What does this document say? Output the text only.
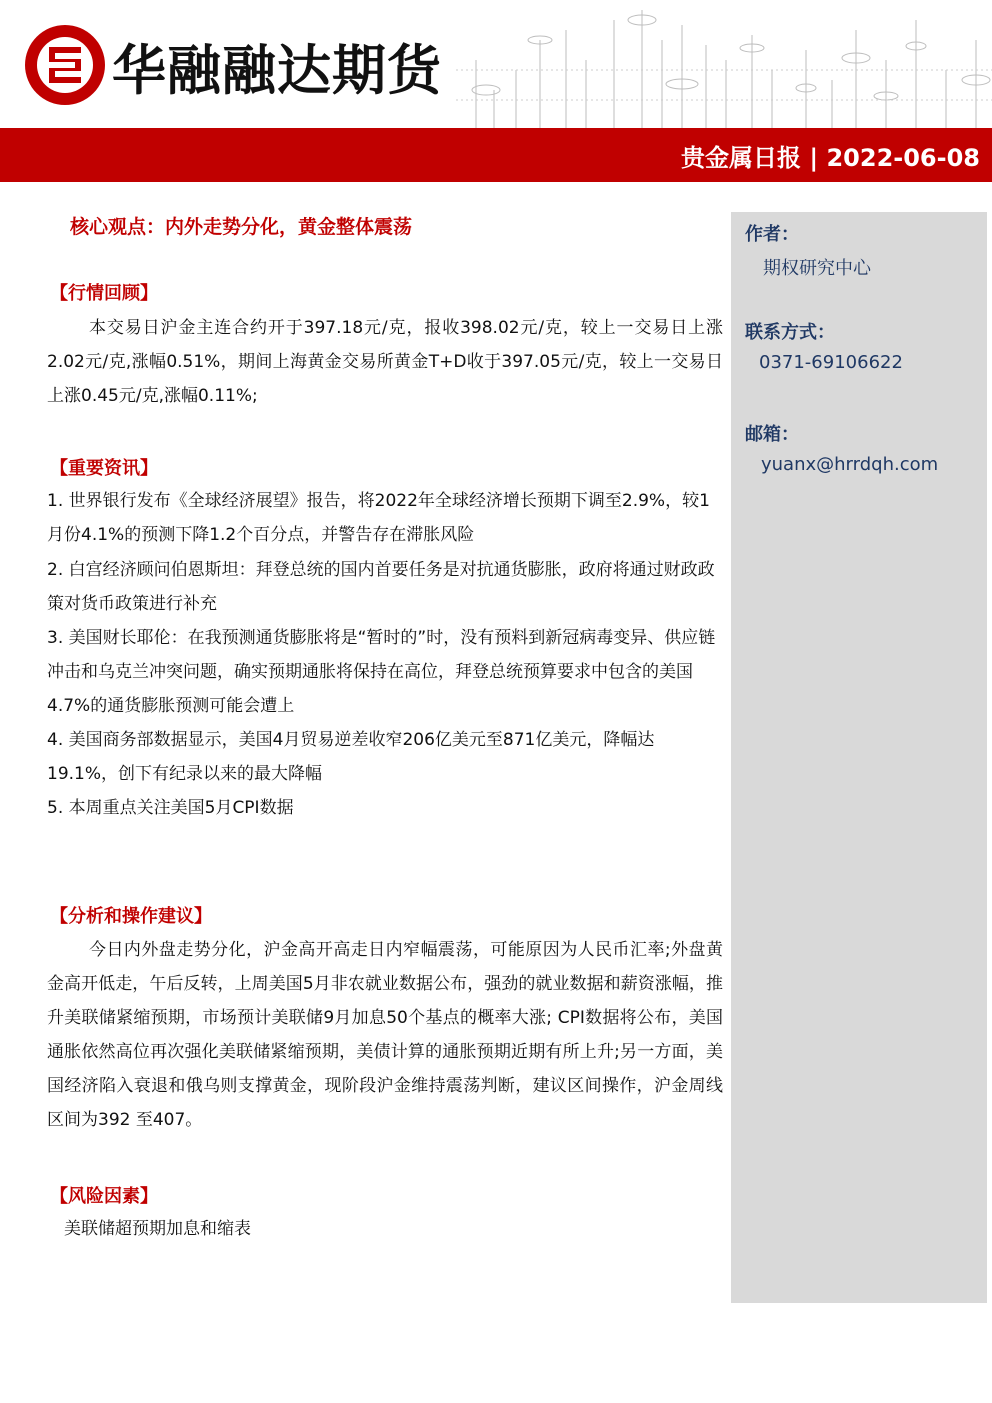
华融融达期货
贵金属日报 | 2022-06-08
核心观点：内外走势分化，黄金整体震荡
【行情回顾】
本交易日沪金主连合约开于397.18元/克，报收398.02元/克，较上一交易日上涨2.02元/克,涨幅0.51%，期间上海黄金交易所黄金T+D收于397.05元/克，较上一交易日上涨0.45元/克,涨幅0.11%;
【重要资讯】
1. 世界银行发布《全球经济展望》报告，将2022年全球经济增长预期下调至2.9%，较1月份4.1%的预测下降1.2个百分点，并警告存在滞胀风险
2. 白宫经济顾问伯恩斯坦：拜登总统的国内首要任务是对抗通货膨胀，政府将通过财政政策对货币政策进行补充
3. 美国财长耶伦：在我预测通货膨胀将是“暂时的”时，没有预料到新冠病毒变异、供应链冲击和乌克兰冲突问题，确实预期通胀将保持在高位，拜登总统预算要求中包含的美国4.7%的通货膨胀预测可能会遭上
4. 美国商务部数据显示，美国4月贸易逆差收窄206亿美元至871亿美元，降幅达19.1%，创下有纪录以来的最大降幅
5. 本周重点关注美国5月CPI数据
【分析和操作建议】
今日内外盘走势分化，沪金高开高走日内窄幅震荡，可能原因为人民币汇率;外盘黄金高开低走，午后反转，上周美国5月非农就业数据公布，强劲的就业数据和薪资涨幅，推升美联储紧缩预期，市场预计美联储9月加息50个基点的概率大涨; CPI数据将公布，美国通胀依然高位再次强化美联储紧缩预期，美债计算的通胀预期近期有所上升;另一方面，美国经济陷入衰退和俄乌则支撑黄金，现阶段沪金维持震荡判断，建议区间操作，沪金周线区间为392 至407。
【风险因素】
美联储超预期加息和缩表
作者：
期权研究中心
联系方式：
0371-69106622
邮箱：
yuanx@hrrdqh.com
